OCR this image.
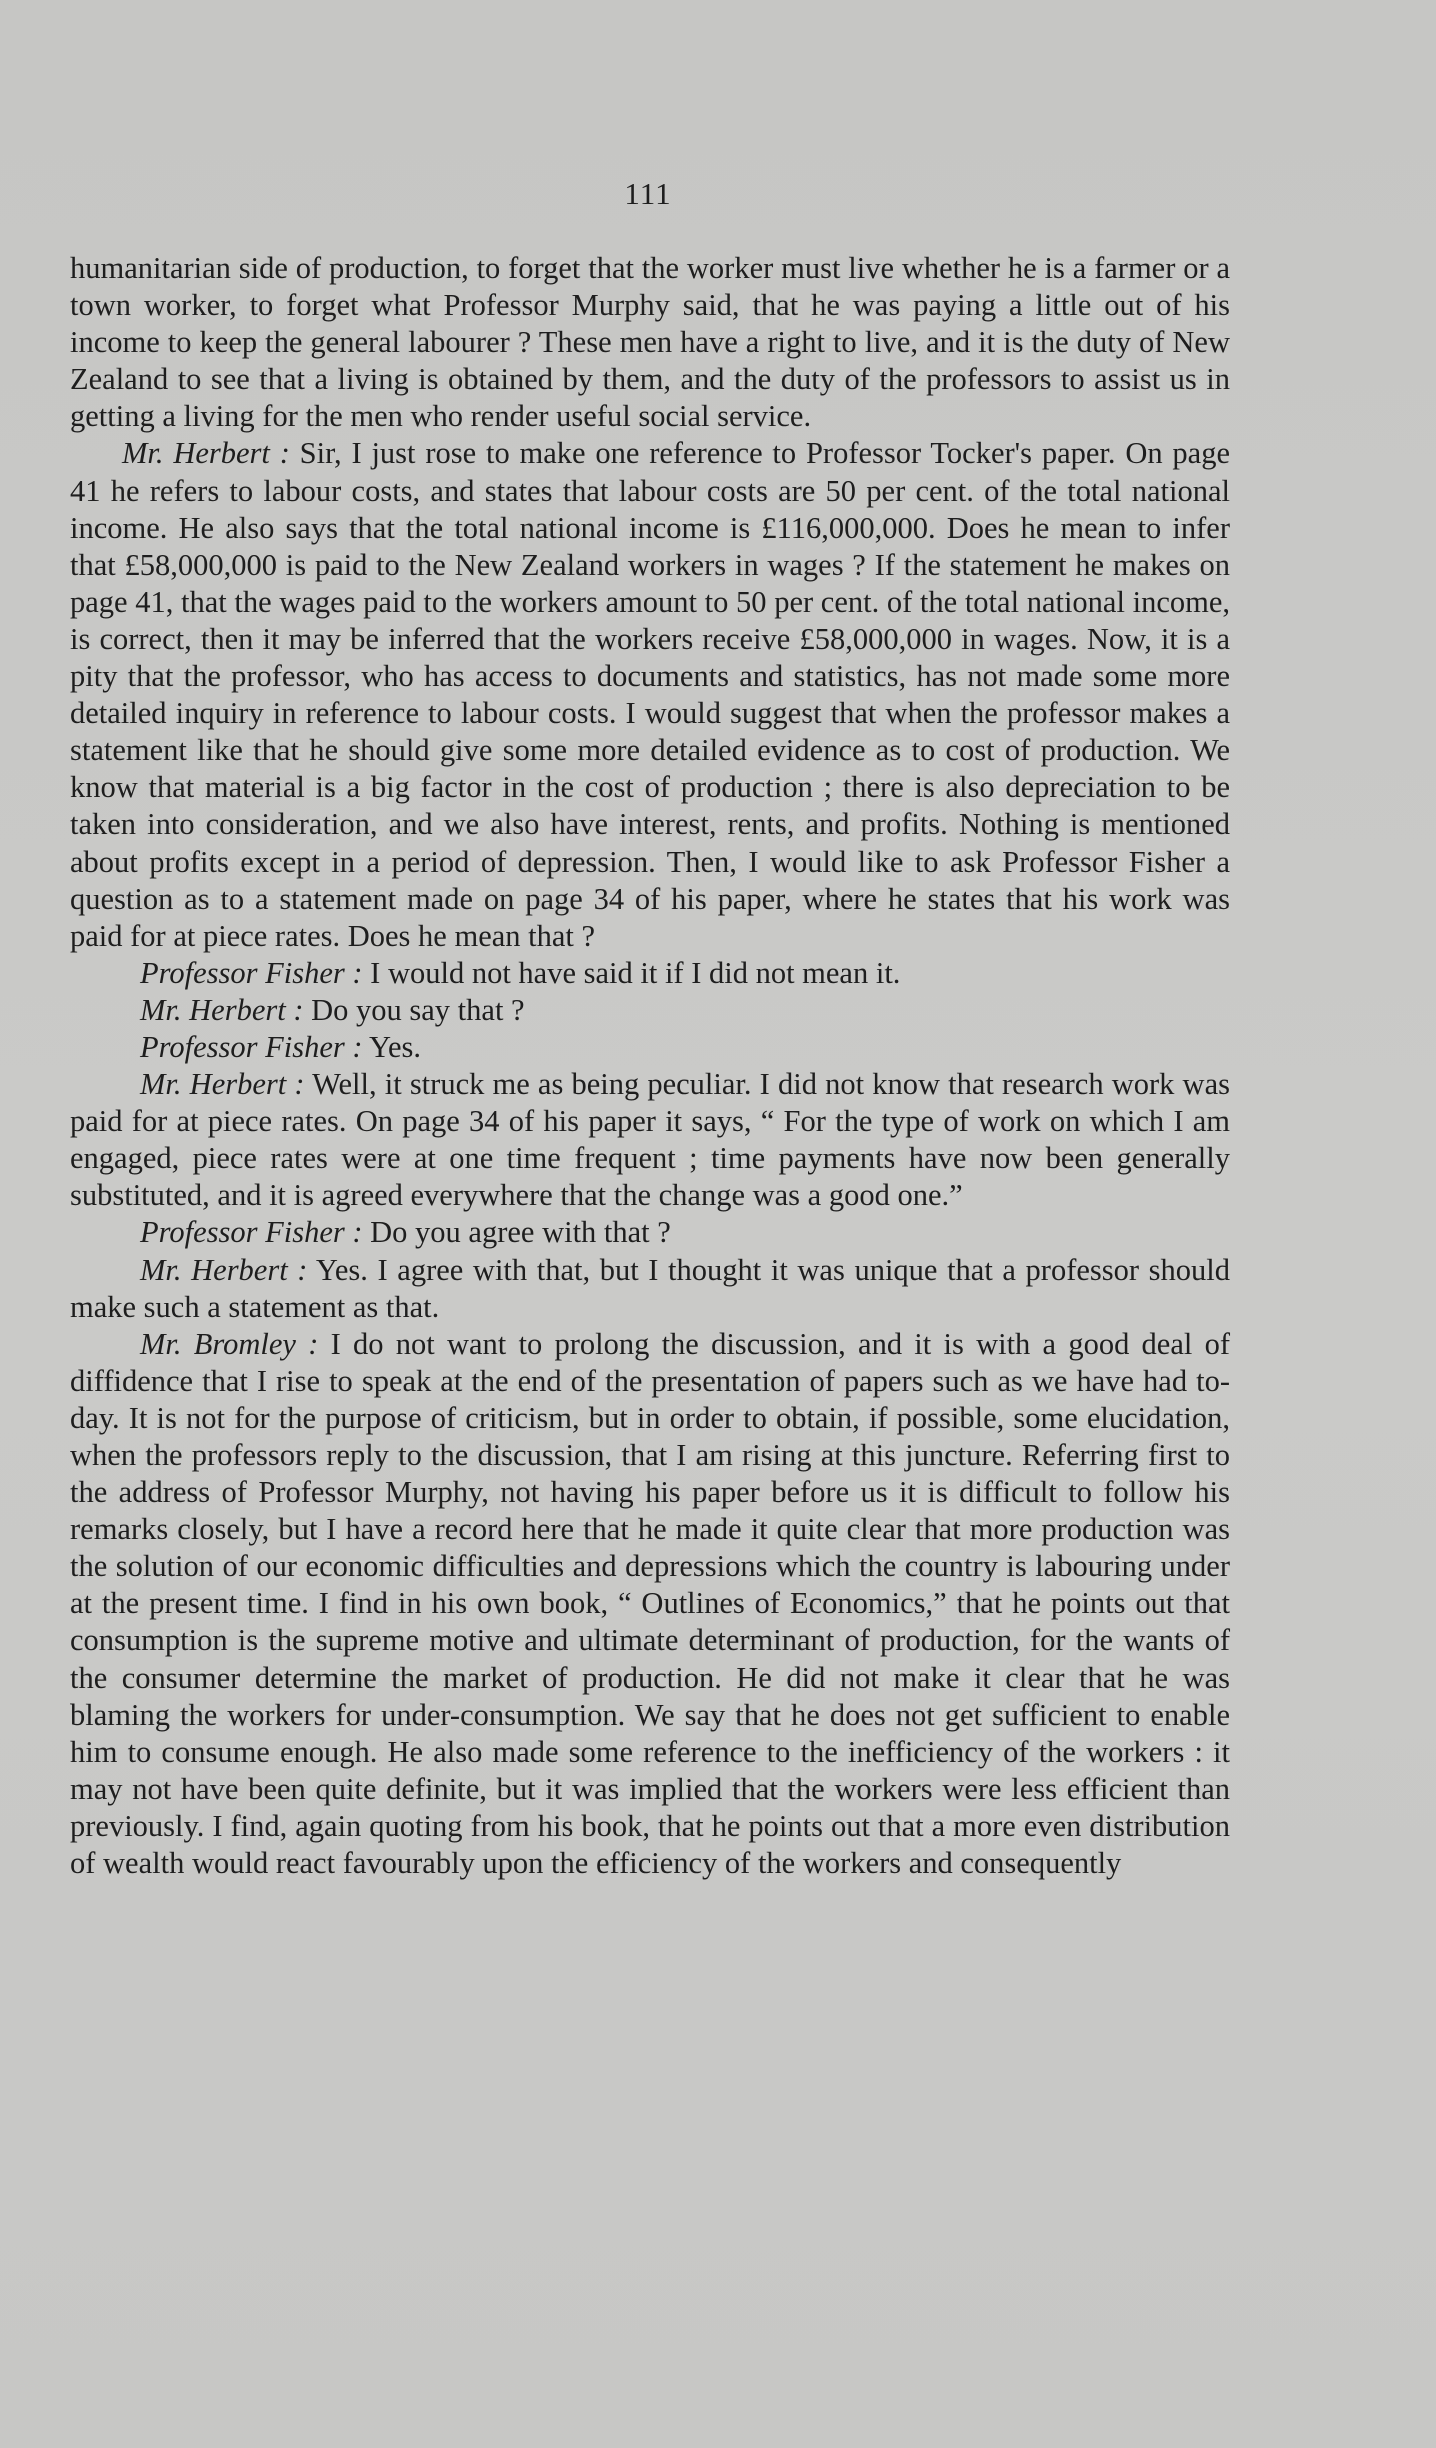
111

humanitarian side of production, to forget that the worker must live whether he is a farmer or a town worker, to forget what Professor Murphy said, that he was paying a little out of his income to keep the general labourer ? These men have a right to live, and it is the duty of New Zealand to see that a living is obtained by them, and the duty of the professors to assist us in getting a living for the men who render useful social service.

Mr. Herbert : Sir, I just rose to make one reference to Professor Tocker's paper. On page 41 he refers to labour costs, and states that labour costs are 50 per cent. of the total national income. He also says that the total national income is £116,000,000. Does he mean to infer that £58,000,000 is paid to the New Zealand workers in wages ? If the statement he makes on page 41, that the wages paid to the workers amount to 50 per cent. of the total national income, is correct, then it may be inferred that the workers receive £58,000,000 in wages. Now, it is a pity that the professor, who has access to documents and statistics, has not made some more detailed inquiry in reference to labour costs. I would suggest that when the professor makes a statement like that he should give some more detailed evidence as to cost of production. We know that material is a big factor in the cost of production ; there is also depreciation to be taken into consideration, and we also have interest, rents, and profits. Nothing is mentioned about profits except in a period of depression. Then, I would like to ask Professor Fisher a question as to a statement made on page 34 of his paper, where he states that his work was paid for at piece rates. Does he mean that ?

Professor Fisher : I would not have said it if I did not mean it.

Mr. Herbert : Do you say that ?

Professor Fisher : Yes.

Mr. Herbert : Well, it struck me as being peculiar. I did not know that research work was paid for at piece rates. On page 34 of his paper it says, “ For the type of work on which I am engaged, piece rates were at one time frequent ; time payments have now been generally substituted, and it is agreed everywhere that the change was a good one.”

Professor Fisher : Do you agree with that ?

Mr. Herbert : Yes. I agree with that, but I thought it was unique that a professor should make such a statement as that.

Mr. Bromley : I do not want to prolong the discussion, and it is with a good deal of diffidence that I rise to speak at the end of the presentation of papers such as we have had to-day. It is not for the purpose of criticism, but in order to obtain, if possible, some elucidation, when the professors reply to the discussion, that I am rising at this juncture. Referring first to the address of Professor Murphy, not having his paper before us it is difficult to follow his remarks closely, but I have a record here that he made it quite clear that more production was the solution of our economic difficulties and depressions which the country is labouring under at the present time. I find in his own book, “ Outlines of Economics,” that he points out that consumption is the supreme motive and ultimate determinant of production, for the wants of the consumer determine the market of production. He did not make it clear that he was blaming the workers for under-consumption. We say that he does not get sufficient to enable him to consume enough. He also made some reference to the inefficiency of the workers : it may not have been quite definite, but it was implied that the workers were less efficient than previously. I find, again quoting from his book, that he points out that a more even distribution of wealth would react favourably upon the efficiency of the workers and consequently
